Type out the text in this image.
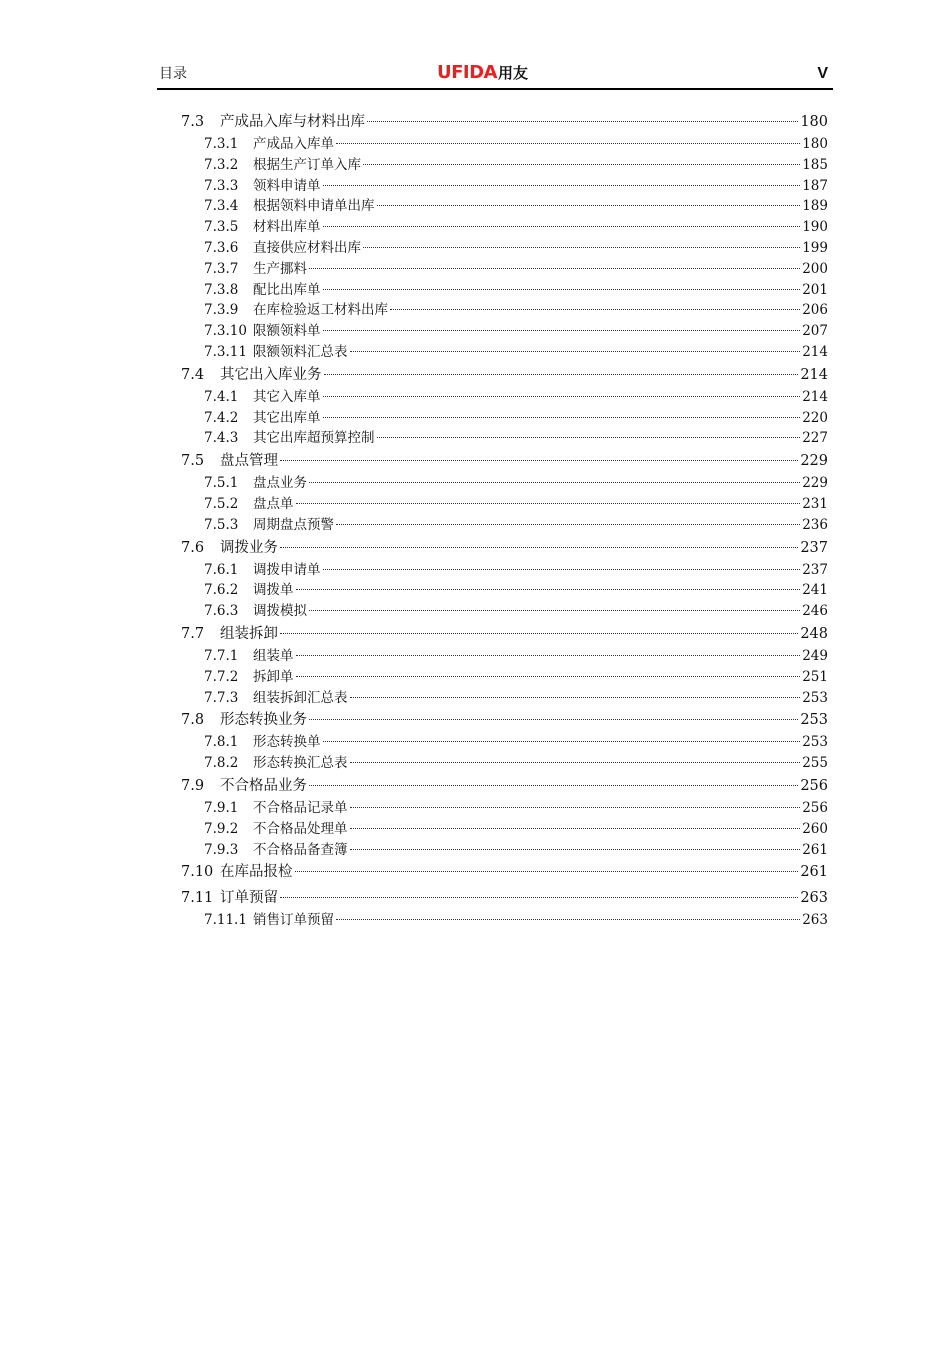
目录	UFIDA用友	V
7.3	产成品入库与材料出库	180
7.3.1	产成品入库单	180
7.3.2	根据生产订单入库	185
7.3.3	领料申请单	187
7.3.4	根据领料申请单出库	189
7.3.5	材料出库单	190
7.3.6	直接供应材料出库	199
7.3.7	生产挪料	200
7.3.8	配比出库单	201
7.3.9	在库检验返工材料出库	206
7.3.10 限额领料单	207
7.3.11 限额领料汇总表	214
7.4	其它出入库业务	214
7.4.1	其它入库单	214
7.4.2	其它出库单	220
7.4.3	其它出库超预算控制	227
7.5	盘点管理	229
7.5.1	盘点业务	229
7.5.2	盘点单	231
7.5.3	周期盘点预警	236
7.6	调拨业务	237
7.6.1	调拨申请单	237
7.6.2	调拨单	241
7.6.3	调拨模拟	246
7.7	组装拆卸	248
7.7.1	组装单	249
7.7.2	拆卸单	251
7.7.3	组装拆卸汇总表	253
7.8	形态转换业务	253
7.8.1	形态转换单	253
7.8.2	形态转换汇总表	255
7.9	不合格品业务	256
7.9.1	不合格品记录单	256
7.9.2	不合格品处理单	260
7.9.3	不合格品备查簿	261
7.10 在库品报检	261
7.11 订单预留	263
7.11.1 销售订单预留	263
